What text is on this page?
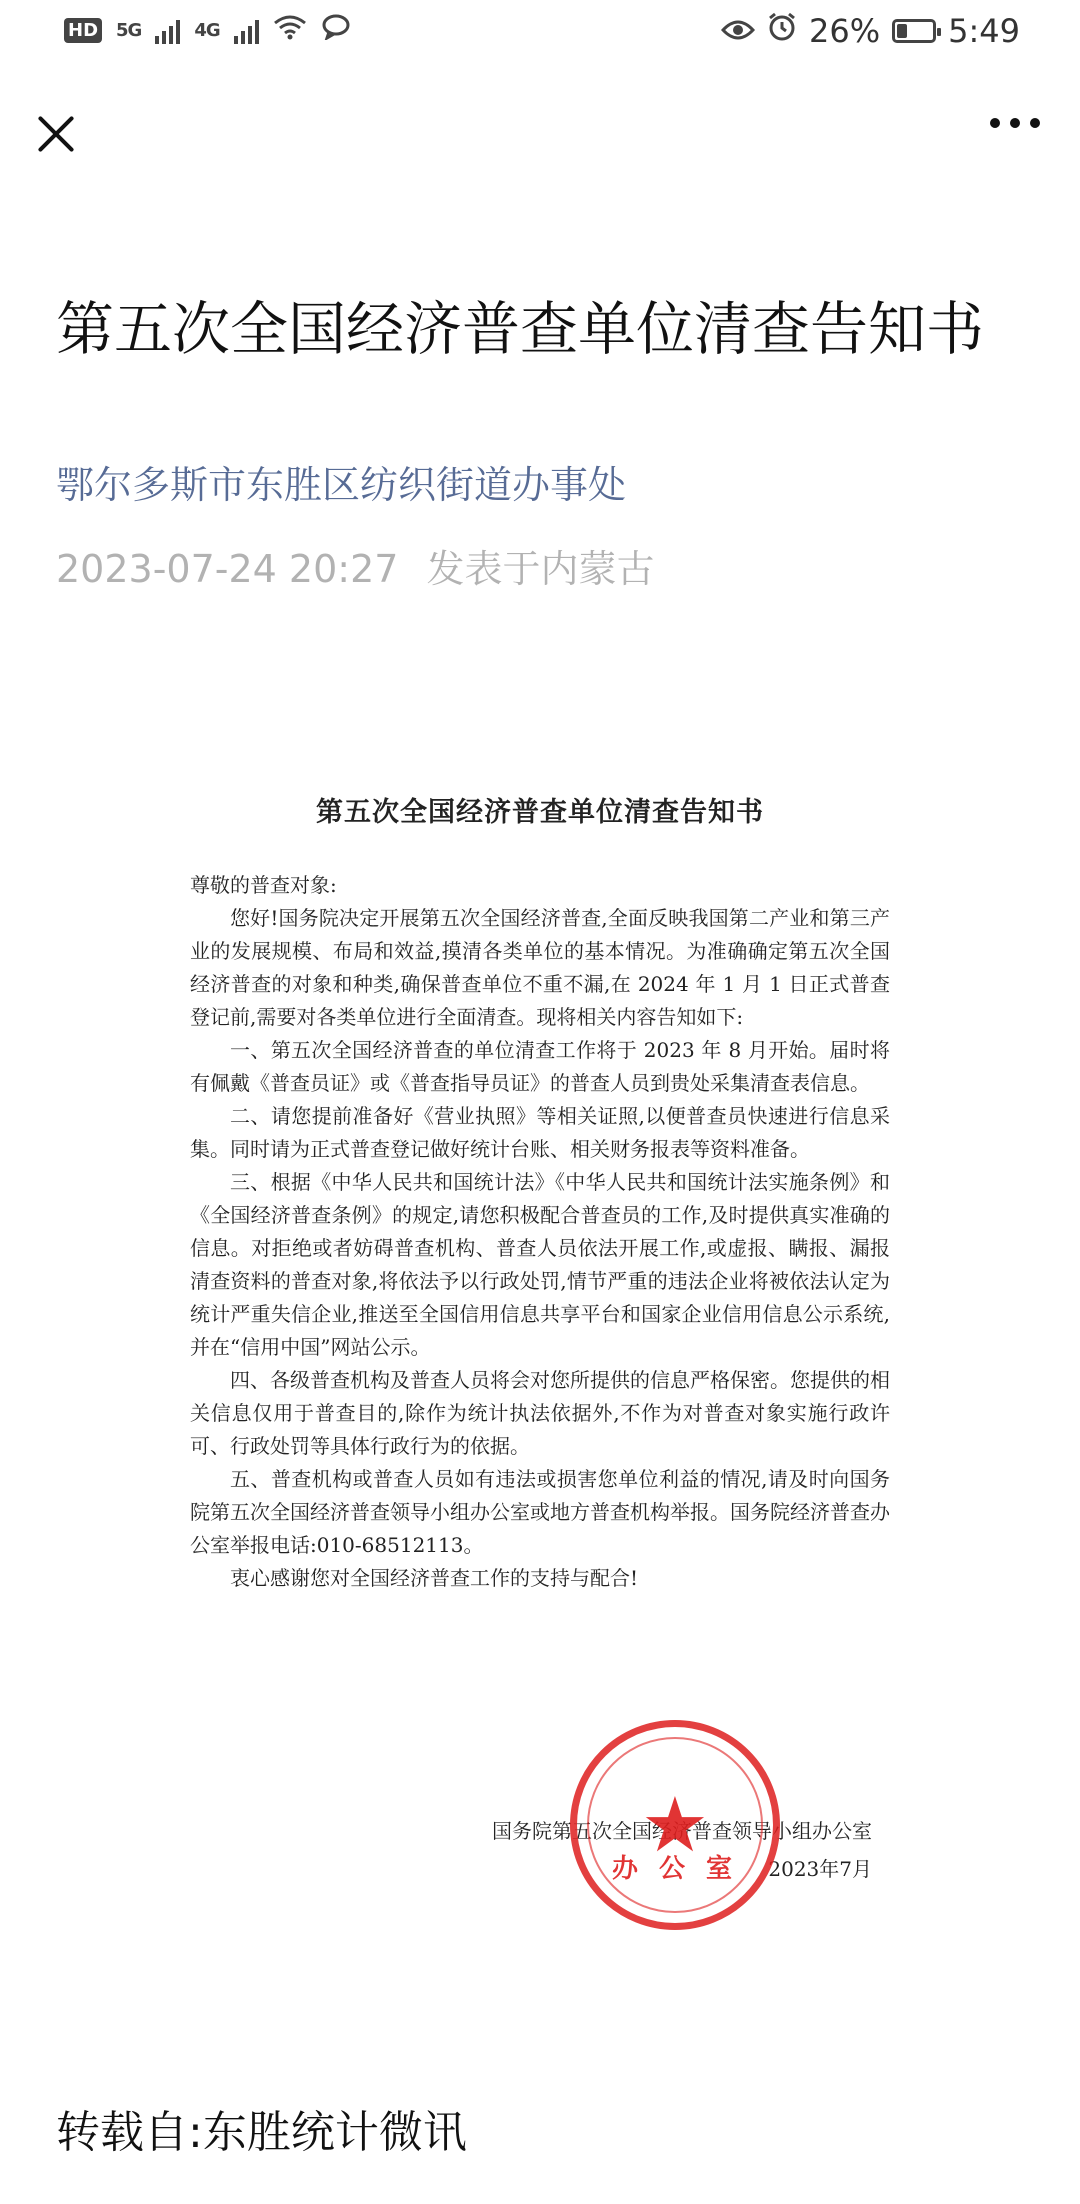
HD 5G	4G	26% 5:49
第五次全国经济普查单位清查告知书
鄂尔多斯市东胜区纺织街道办事处
2023-07-24 20:27 发表于内蒙古
第五次全国经济普查单位清查告知书

尊敬的普查对象:

您好!国务院决定开展第五次全国经济普查,全面反映我国第二产业和第三产业的发展规模、布局和效益,摸清各类单位的基本情况。为准确确定第五次全国经济普查的对象和种类,确保普查单位不重不漏,在 2024 年 1 月 1 日正式普查登记前,需要对各类单位进行全面清查。现将相关内容告知如下:

一、第五次全国经济普查的单位清查工作将于 2023 年 8 月开始。届时将有佩戴《普查员证》或《普查指导员证》的普查人员到贵处采集清查表信息。

二、请您提前准备好《营业执照》等相关证照,以便普查员快速进行信息采集。同时请为正式普查登记做好统计台账、相关财务报表等资料准备。

三、根据《中华人民共和国统计法》《中华人民共和国统计法实施条例》和《全国经济普查条例》的规定,请您积极配合普查员的工作,及时提供真实准确的信息。对拒绝或者妨碍普查机构、普查人员依法开展工作,或虚报、瞒报、漏报清查资料的普查对象,将依法予以行政处罚,情节严重的违法企业将被依法认定为统计严重失信企业,推送至全国信用信息共享平台和国家企业信用信息公示系统,并在“信用中国”网站公示。

四、各级普查机构及普查人员将会对您所提供的信息严格保密。您提供的相关信息仅用于普查目的,除作为统计执法依据外,不作为对普查对象实施行政许可、行政处罚等具体行政行为的依据。

五、普查机构或普查人员如有违法或损害您单位利益的情况,请及时向国务院第五次全国经济普查领导小组办公室或地方普查机构举报。国务院经济普查办公室举报电话:010-68512113。

衷心感谢您对全国经济普查工作的支持与配合!

国务院第五次全国经济普查领导小组办公室
2023年7月
★
办 公 室
转载自:东胜统计微讯
